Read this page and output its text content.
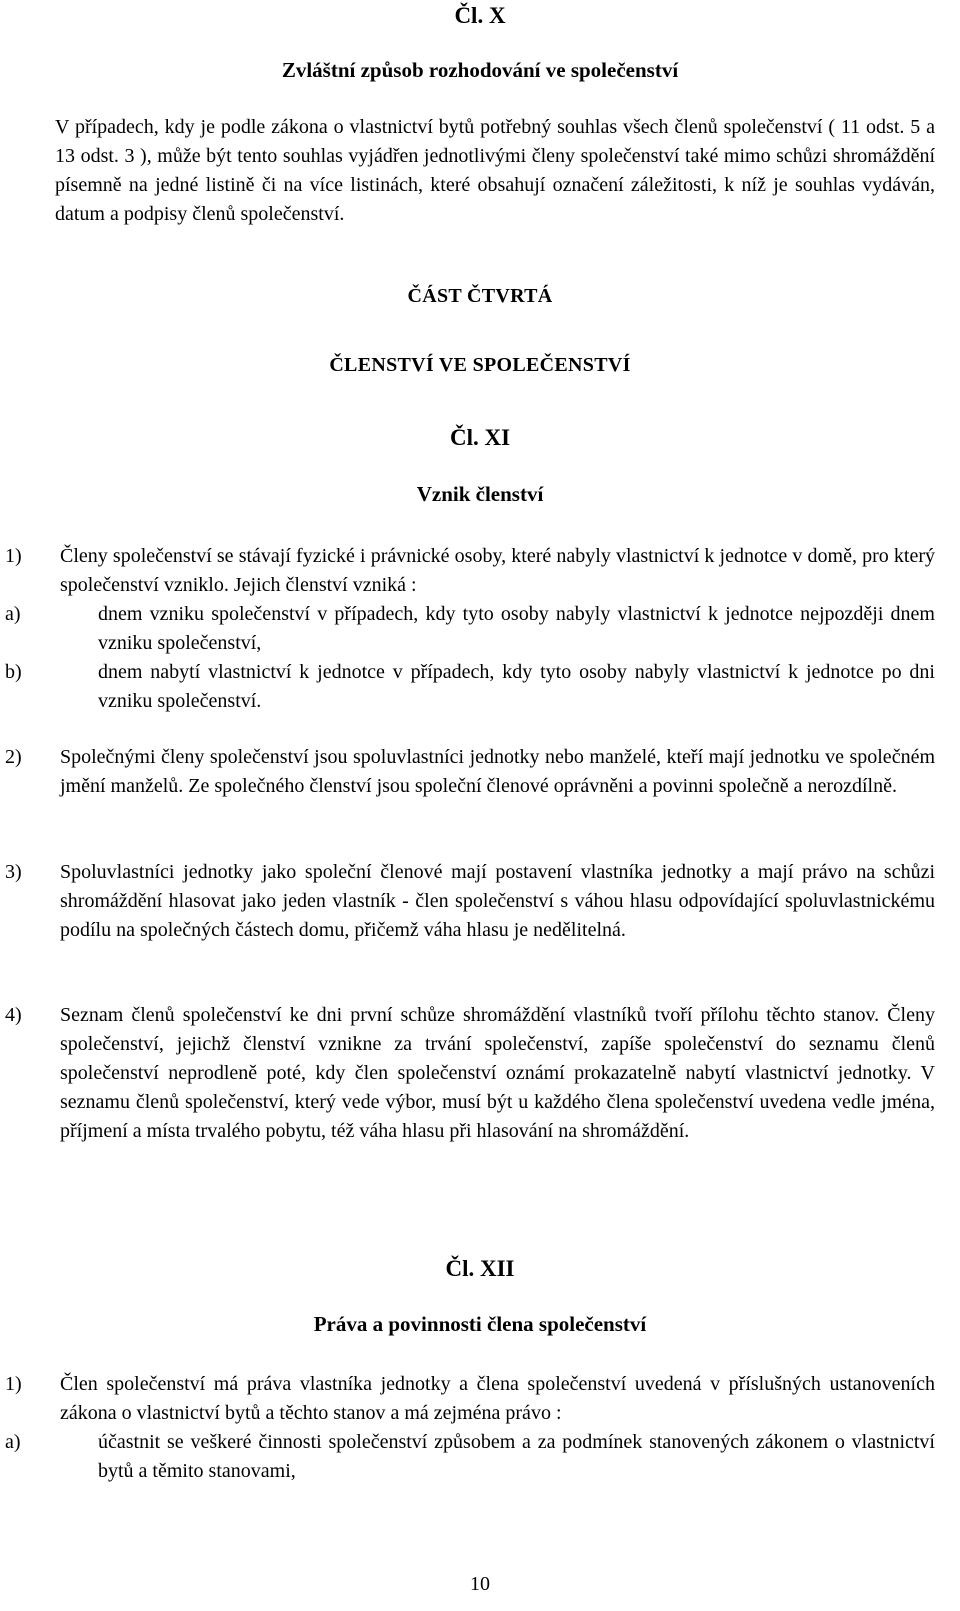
Čl. X
Zvláštní způsob rozhodování ve společenství

V případech, kdy je podle zákona o vlastnictví bytů potřebný souhlas všech členů společenství ( 11 odst. 5 a 13 odst. 3 ), může být tento souhlas vyjádřen jednotlivými členy společenství také mimo schůzi shromáždění písemně na jedné listině či na více listinách, které obsahují označení záležitosti, k níž je souhlas vydáván, datum a podpisy členů společenství.

ČÁST ČTVRTÁ
ČLENSTVÍ VE SPOLEČENSTVÍ
Čl. XI
Vznik členství
1) Členy společenství se stávají fyzické i právnické osoby, které nabyly vlastnictví k jednotce v domě, pro který společenství vzniklo. Jejich členství vzniká :
a)	dnem vzniku společenství v případech, kdy tyto osoby nabyly vlastnictví k jednotce nejpozději dnem vzniku společenství,
b)	dnem nabytí vlastnictví k jednotce v případech, kdy tyto osoby nabyly vlastnictví k jednotce po dni vzniku společenství.
2) Společnými členy společenství jsou spoluvlastníci jednotky nebo manželé, kteří mají jednotku ve společném jmění manželů. Ze společného členství jsou společní členové oprávněni a povinni společně a nerozdílně.
3) Spoluvlastníci jednotky jako společní členové mají postavení vlastníka jednotky a mají právo na schůzi shromáždění hlasovat jako jeden vlastník - člen společenství s váhou hlasu odpovídající spoluvlastnickému podílu na společných částech domu, přičemž váha hlasu je nedělitelná.
4) Seznam členů společenství ke dni první schůze shromáždění vlastníků tvoří přílohu těchto stanov. Členy společenství, jejichž členství vznikne za trvání společenství, zapíše společenství do seznamu členů společenství neprodleně poté, kdy člen společenství oznámí prokazatelně nabytí vlastnictví jednotky. V seznamu členů společenství, který vede výbor, musí být u každého člena společenství uvedena vedle jména, příjmení a místa trvalého pobytu, též váha hlasu při hlasování na shromáždění.
Čl. XII
Práva a povinnosti člena společenství
1) Člen společenství má práva vlastníka jednotky a člena společenství uvedená v příslušných ustanoveních zákona o vlastnictví bytů a těchto stanov a má zejména právo :
a)	účastnit se veškeré činnosti společenství způsobem a za podmínek stanovených zákonem o vlastnictví bytů a těmito stanovami,
10
